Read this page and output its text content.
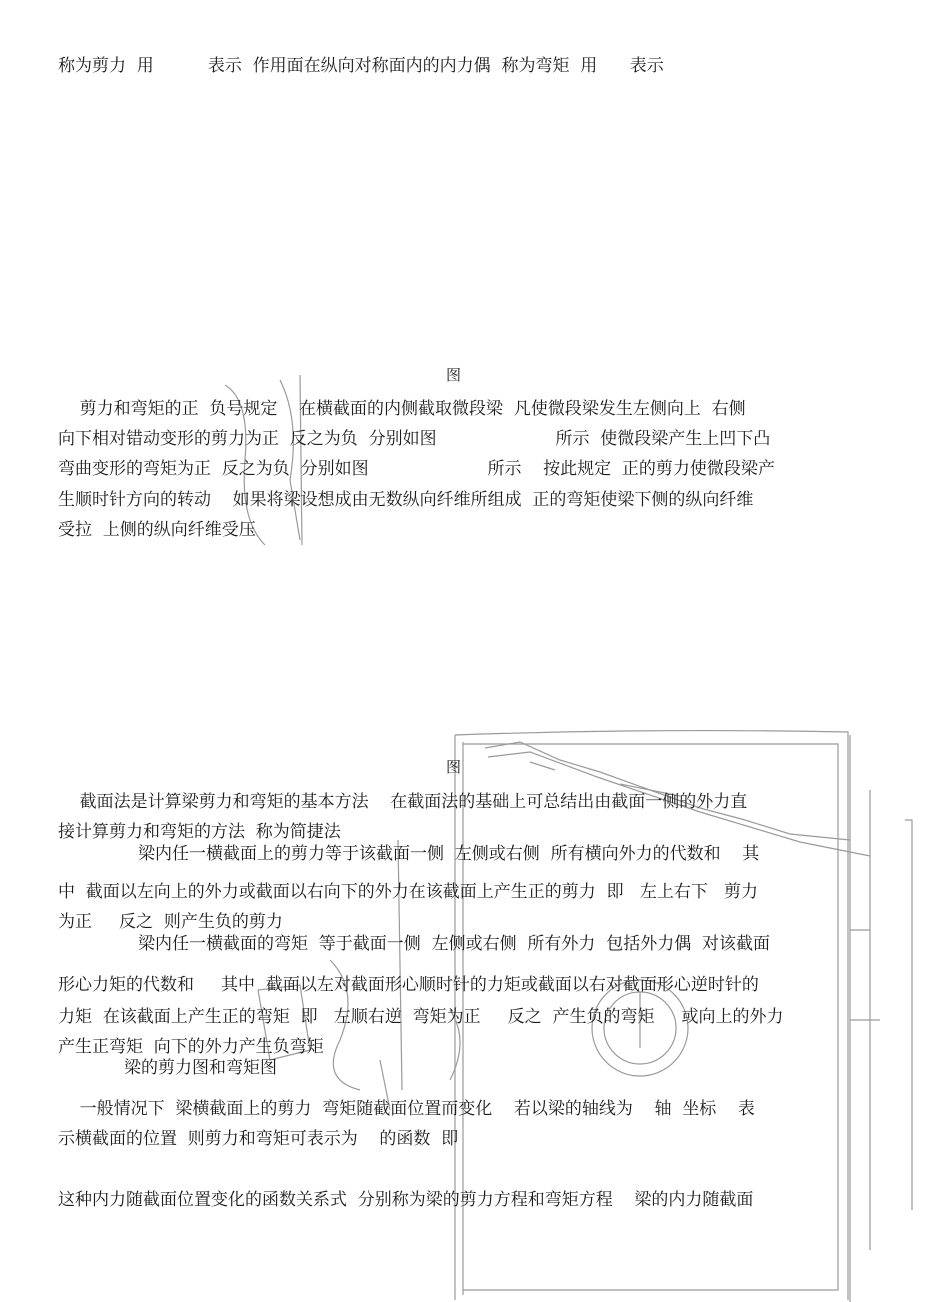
称为剪力  用          表示  作用面在纵向对称面内的内力偶  称为弯矩  用      表示
图
剪力和弯矩的正  负号规定    在横截面的内侧截取微段梁  凡使微段梁发生左侧向上  右侧
向下相对错动变形的剪力为正  反之为负  分别如图                      所示  使微段梁产生上凹下凸
弯曲变形的弯矩为正  反之为负  分别如图                      所示    按此规定  正的剪力使微段梁产
生顺时针方向的转动    如果将梁设想成由无数纵向纤维所组成  正的弯矩使梁下侧的纵向纤维
受拉  上侧的纵向纤维受压
图
截面法是计算梁剪力和弯矩的基本方法    在截面法的基础上可总结出由截面一侧的外力直
接计算剪力和弯矩的方法  称为简捷法
梁内任一横截面上的剪力等于该截面一侧  左侧或右侧  所有横向外力的代数和    其
中  截面以左向上的外力或截面以右向下的外力在该截面上产生正的剪力  即   左上右下   剪力
为正     反之  则产生负的剪力
梁内任一横截面的弯矩  等于截面一侧  左侧或右侧  所有外力  包括外力偶  对该截面
形心力矩的代数和     其中  截面以左对截面形心顺时针的力矩或截面以右对截面形心逆时针的
力矩  在该截面上产生正的弯矩  即   左顺右逆  弯矩为正     反之  产生负的弯矩     或向上的外力
产生正弯矩  向下的外力产生负弯矩
梁的剪力图和弯矩图
一般情况下  梁横截面上的剪力  弯矩随截面位置而变化    若以梁的轴线为    轴  坐标    表
示横截面的位置  则剪力和弯矩可表示为    的函数  即
这种内力随截面位置变化的函数关系式  分别称为梁的剪力方程和弯矩方程    梁的内力随截面
